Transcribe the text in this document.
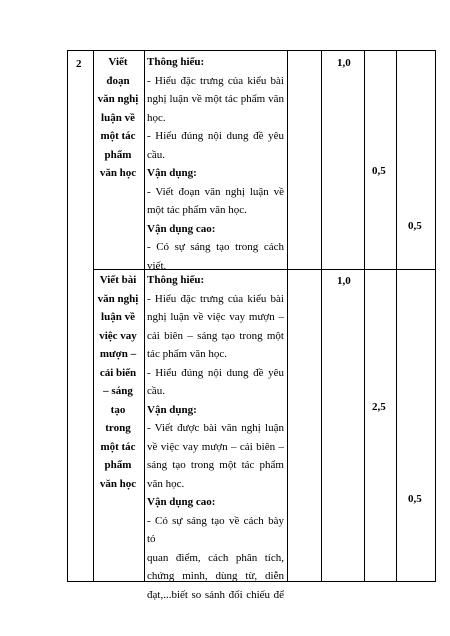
2	Viết
đoạn
văn nghị
luận về
một tác
phẩm
văn học
Thông hiểu:
- Hiểu đặc trưng của kiểu bài
nghị luận về một tác phẩm văn
học.
- Hiểu đúng nội dung đề yêu
cầu.
Vận dụng:
- Viết đoạn văn nghị luận về
một tác phẩm văn học.
Vận dụng cao:
- Có sự sáng tạo trong cách
viết.
1,0
0,5
0,5
Viết bài
văn nghị
luận về
việc vay
mượn –
cải biến
– sáng
tạo
trong
một tác
phẩm
văn học
Thông hiểu:
- Hiểu đặc trưng của kiểu bài
nghị luận về việc vay mượn –
cải biên – sáng tạo trong một
tác phẩm văn học.
- Hiểu đúng nội dung đề yêu
cầu.
Vận dụng:
- Viết được bài văn nghị luận
về việc vay mượn – cải biên –
sáng tạo trong một tác phẩm
văn học.
Vận dụng cao:
- Có sự sáng tạo về cách bày tỏ
quan điểm, cách phân tích,
chứng minh, dùng từ, diễn
đạt,...biết so sánh đối chiếu để
1,0
2,5
0,5
